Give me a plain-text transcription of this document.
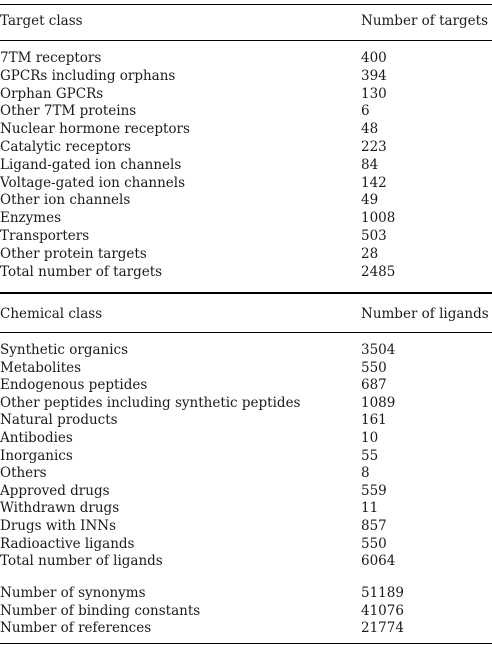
Target class	Number of targets
7TM receptors	400
GPCRs including orphans	394
Orphan GPCRs	130
Other 7TM proteins	6
Nuclear hormone receptors	48
Catalytic receptors	223
Ligand-gated ion channels	84
Voltage-gated ion channels	142
Other ion channels	49
Enzymes	1008
Transporters	503
Other protein targets	28
Total number of targets	2485
Chemical class	Number of ligands
Synthetic organics	3504
Metabolites	550
Endogenous peptides	687
Other peptides including synthetic peptides	1089
Natural products	161
Antibodies	10
Inorganics	55
Others	8
Approved drugs	559
Withdrawn drugs	11
Drugs with INNs	857
Radioactive ligands	550
Total number of ligands	6064
Number of synonyms	51189
Number of binding constants	41076
Number of references	21774
